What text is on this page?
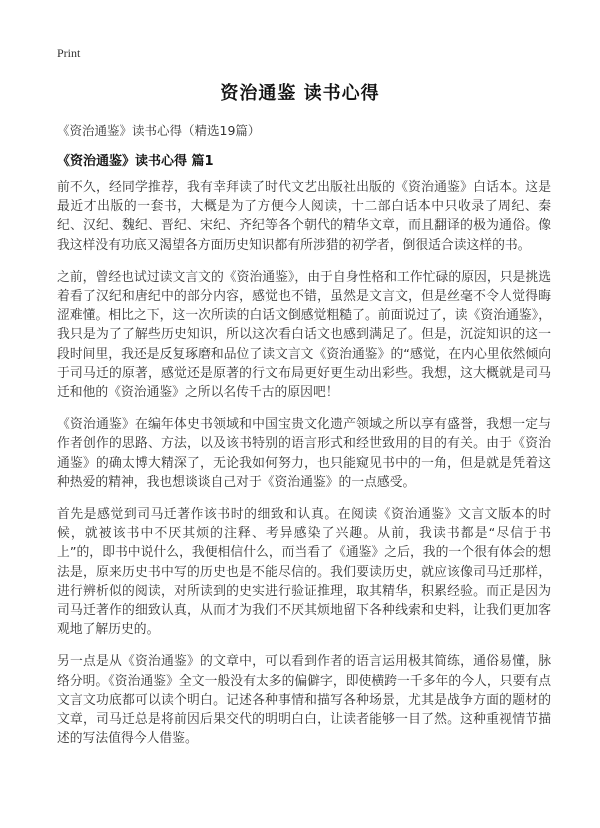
Print
资治通鉴 读书心得
《资治通鉴》读书心得（精选19篇）
《资治通鉴》读书心得 篇1

前不久，经同学推荐，我有幸拜读了时代文艺出版社出版的《资治通鉴》白话本。这是最近才出版的一套书，大概是为了方便今人阅读，十二部白话本中只收录了周纪、秦纪、汉纪、魏纪、晋纪、宋纪、齐纪等各个朝代的精华文章，而且翻译的极为通俗。像我这样没有功底又渴望各方面历史知识都有所涉猎的初学者，倒很适合读这样的书。

之前，曾经也试过读文言文的《资治通鉴》，由于自身性格和工作忙碌的原因，只是挑选着看了汉纪和唐纪中的部分内容，感觉也不错，虽然是文言文，但是丝毫不令人觉得晦涩难懂。相比之下，这一次所读的白话文倒感觉粗糙了。前面说过了，读《资治通鉴》，我只是为了了解些历史知识，所以这次看白话文也感到满足了。但是，沉淀知识的这一段时间里，我还是反复琢磨和品位了读文言文《资治通鉴》的“感觉，在内心里依然倾向于司马迁的原著，感觉还是原著的行文布局更好更生动出彩些。我想，这大概就是司马迁和他的《资治通鉴》之所以名传千古的原因吧！

《资治通鉴》在编年体史书领域和中国宝贵文化遗产领域之所以享有盛誉，我想一定与作者创作的思路、方法，以及该书特别的语言形式和经世致用的目的有关。由于《资治通鉴》的确太博大精深了，无论我如何努力，也只能窥见书中的一角，但是就是凭着这种热爱的精神，我也想谈谈自己对于《资治通鉴》的一点感受。

首先是感觉到司马迁著作该书时的细致和认真。在阅读《资治通鉴》文言文版本的时候，就被该书中不厌其烦的注释、考异感染了兴趣。从前，我读书都是“尽信于书上”的，即书中说什么，我便相信什么，而当看了《通鉴》之后，我的一个很有体会的想法是，原来历史书中写的历史也是不能尽信的。我们要读历史，就应该像司马迁那样，进行辨析似的阅读，对所读到的史实进行验证推理，取其精华，积累经验。而正是因为司马迁著作的细致认真，从而才为我们不厌其烦地留下各种线索和史料，让我们更加客观地了解历史的。

另一点是从《资治通鉴》的文章中，可以看到作者的语言运用极其简练，通俗易懂，脉络分明。《资治通鉴》全文一般没有太多的偏僻字，即使横跨一千多年的今人，只要有点文言文功底都可以读个明白。记述各种事情和描写各种场景，尤其是战争方面的题材的文章，司马迁总是将前因后果交代的明明白白，让读者能够一目了然。这种重视情节描述的写法值得今人借鉴。
